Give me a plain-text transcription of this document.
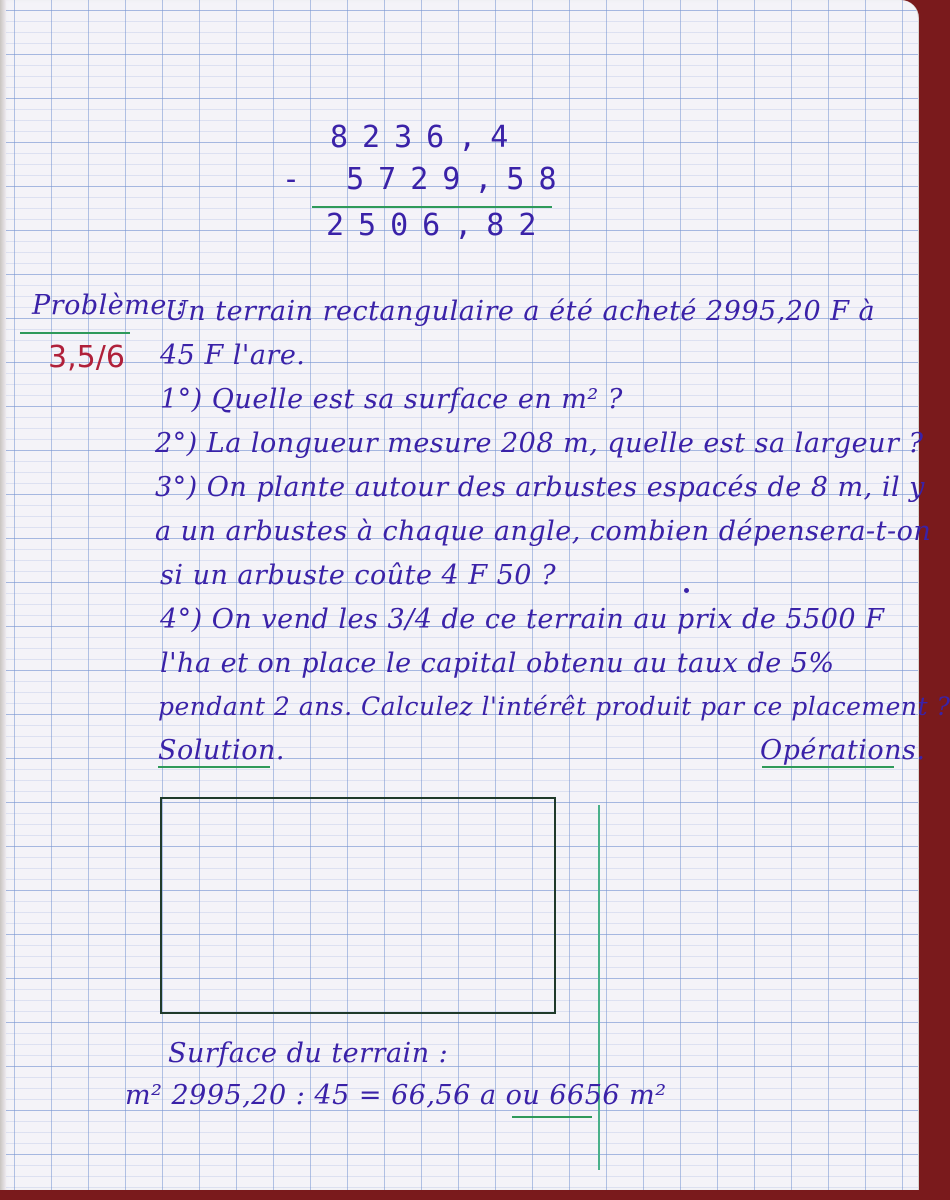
8236,4
- 5729,58
2506,82
Problème :
3,5/6
Un terrain rectangulaire a été acheté 2995,20 F à
45 F l'are.
1°) Quelle est sa surface en m² ?
2°) La longueur mesure 208 m, quelle est sa largeur ?
3°) On plante autour des arbustes espacés de 8 m, il y
a un arbustes à chaque angle, combien dépensera-t-on
si un arbuste coûte 4 F 50 ?
4°) On vend les 3/4 de ce terrain au prix de 5500 F
l'ha et on place le capital obtenu au taux de 5%
pendant 2 ans. Calculez l'intérêt produit par ce placement ?
Solution.	Opérations.
Surface du terrain :
m² 2995,20 : 45 = 66,56 a ou 6656 m²
